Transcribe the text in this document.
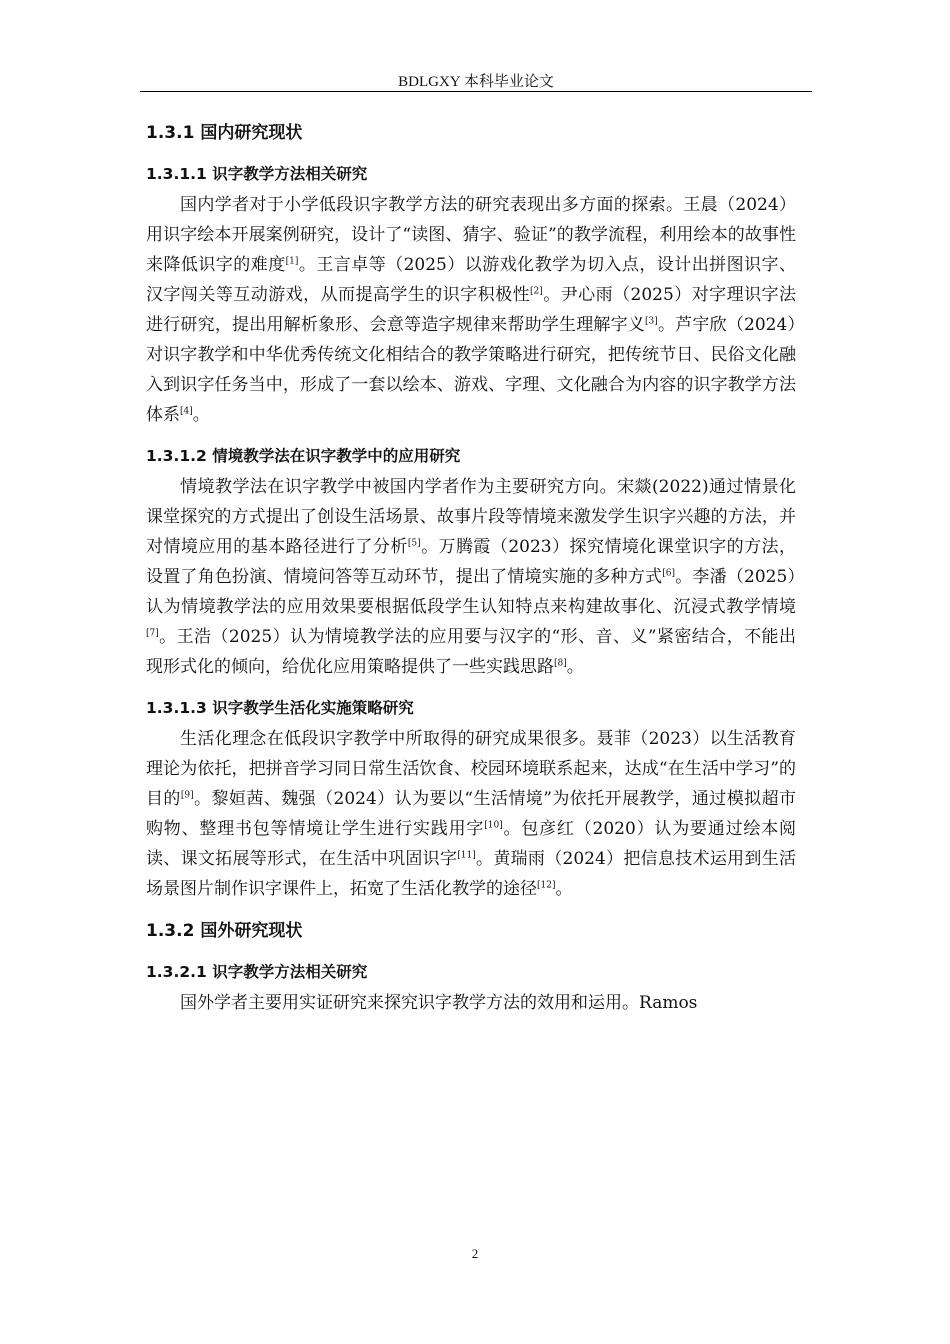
BDLGXY 本科毕业论文
1.3.1 国内研究现状
1.3.1.1 识字教学方法相关研究

国内学者对于小学低段识字教学方法的研究表现出多方面的探索。王晨（2024）用识字绘本开展案例研究，设计了“读图、猜字、验证”的教学流程，利用绘本的故事性来降低识字的难度[1]。王言卓等（2025）以游戏化教学为切入点，设计出拼图识字、汉字闯关等互动游戏，从而提高学生的识字积极性[2]。尹心雨（2025）对字理识字法进行研究，提出用解析象形、会意等造字规律来帮助学生理解字义[3]。芦宇欣（2024）对识字教学和中华优秀传统文化相结合的教学策略进行研究，把传统节日、民俗文化融入到识字任务当中，形成了一套以绘本、游戏、字理、文化融合为内容的识字教学方法体系[4]。

1.3.1.2 情境教学法在识字教学中的应用研究

情境教学法在识字教学中被国内学者作为主要研究方向。宋燚(2022)通过情景化课堂探究的方式提出了创设生活场景、故事片段等情境来激发学生识字兴趣的方法，并对情境应用的基本路径进行了分析[5]。万腾霞（2023）探究情境化课堂识字的方法，设置了角色扮演、情境问答等互动环节，提出了情境实施的多种方式[6]。李潘（2025）认为情境教学法的应用效果要根据低段学生认知特点来构建故事化、沉浸式教学情境[7]。王浩（2025）认为情境教学法的应用要与汉字的“形、音、义”紧密结合，不能出现形式化的倾向，给优化应用策略提供了一些实践思路[8]。

1.3.1.3 识字教学生活化实施策略研究

生活化理念在低段识字教学中所取得的研究成果很多。聂菲（2023）以生活教育理论为依托，把拼音学习同日常生活饮食、校园环境联系起来，达成“在生活中学习”的目的[9]。黎姮茜、魏强（2024）认为要以“生活情境”为依托开展教学，通过模拟超市购物、整理书包等情境让学生进行实践用字[10]。包彦红（2020）认为要通过绘本阅读、课文拓展等形式，在生活中巩固识字[11]。黄瑞雨（2024）把信息技术运用到生活场景图片制作识字课件上，拓宽了生活化教学的途径[12]。

1.3.2 国外研究现状
1.3.2.1 识字教学方法相关研究

国外学者主要用实证研究来探究识字教学方法的效用和运用。Ramos

2
